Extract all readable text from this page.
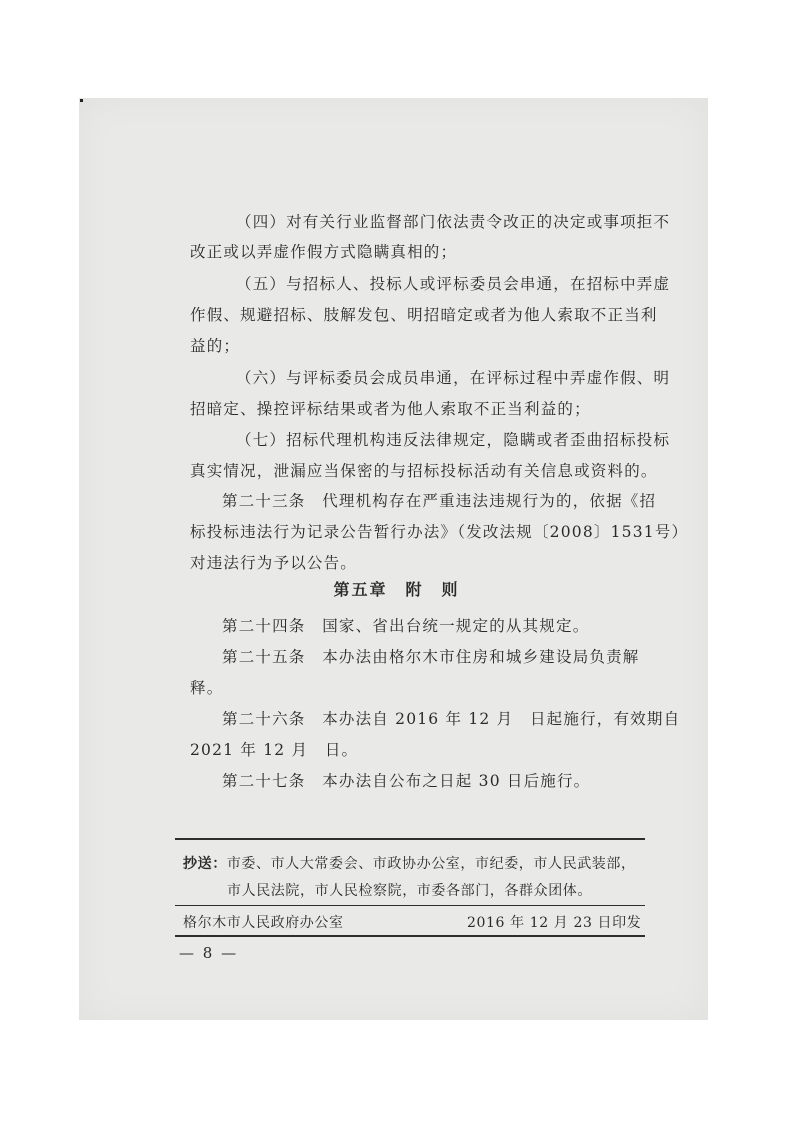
（四）对有关行业监督部门依法责令改正的决定或事项拒不

改正或以弄虚作假方式隐瞒真相的；

（五）与招标人、投标人或评标委员会串通，在招标中弄虚

作假、规避招标、肢解发包、明招暗定或者为他人索取不正当利

益的；

（六）与评标委员会成员串通，在评标过程中弄虚作假、明

招暗定、操控评标结果或者为他人索取不正当利益的；

（七）招标代理机构违反法律规定，隐瞒或者歪曲招标投标

真实情况，泄漏应当保密的与招标投标活动有关信息或资料的。

第二十三条　代理机构存在严重违法违规行为的，依据《招

标投标违法行为记录公告暂行办法》（发改法规〔2008〕1531号）

对违法行为予以公告。

第五章　附　则

第二十四条　国家、省出台统一规定的从其规定。

第二十五条　本办法由格尔木市住房和城乡建设局负责解

释。

第二十六条　本办法自 2016 年 12 月　日起施行，有效期自

2021 年 12 月　日。

第二十七条　本办法自公布之日起 30 日后施行。

抄送：市委、市人大常委会、市政协办公室，市纪委，市人民武装部，

市人民法院，市人民检察院，市委各部门，各群众团体。

格尔木市人民政府办公室	2016 年 12 月 23 日印发

— 8 —
